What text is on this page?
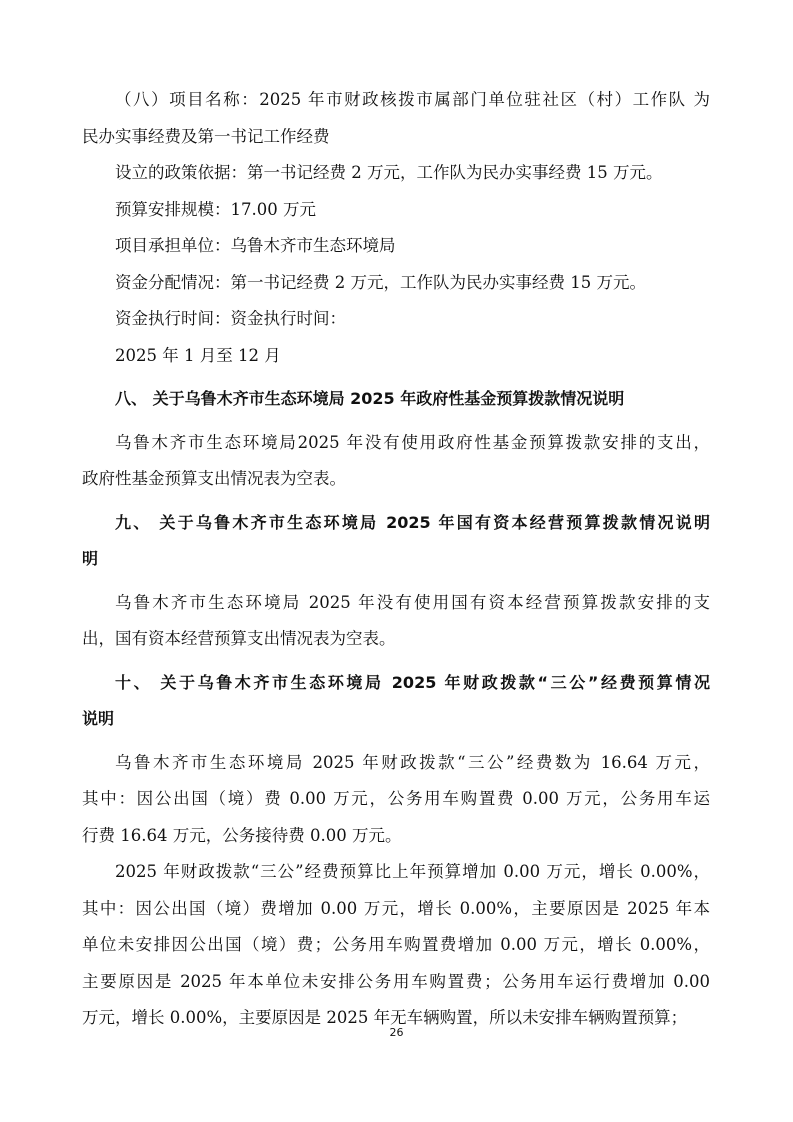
（八）项目名称：2025 年市财政核拨市属部门单位驻社区（村）工作队 为
民办实事经费及第一书记工作经费
设立的政策依据：第一书记经费 2 万元，工作队为民办实事经费 15 万元。
预算安排规模：17.00 万元
项目承担单位：乌鲁木齐市生态环境局
资金分配情况：第一书记经费 2 万元，工作队为民办实事经费 15 万元。
资金执行时间：资金执行时间：
2025 年 1 月至 12 月
八、 关于乌鲁木齐市生态环境局 2025 年政府性基金预算拨款情况说明
乌鲁木齐市生态环境局2025 年没有使用政府性基金预算拨款安排的支出，
政府性基金预算支出情况表为空表。
九、 关于乌鲁木齐市生态环境局 2025 年国有资本经营预算拨款情况说明
明
乌鲁木齐市生态环境局 2025 年没有使用国有资本经营预算拨款安排的支
出，国有资本经营预算支出情况表为空表。
十、 关于乌鲁木齐市生态环境局 2025 年财政拨款“三公”经费预算情况
说明
乌鲁木齐市生态环境局 2025 年财政拨款“三公”经费数为 16.64 万元，
其中：因公出国（境）费 0.00 万元，公务用车购置费 0.00 万元，公务用车运
行费 16.64 万元，公务接待费 0.00 万元。
2025 年财政拨款“三公”经费预算比上年预算增加 0.00 万元，增长 0.00%，
其中：因公出国（境）费增加 0.00 万元，增长 0.00%，主要原因是 2025 年本
单位未安排因公出国（境）费；公务用车购置费增加 0.00 万元，增长 0.00%，
主要原因是 2025 年本单位未安排公务用车购置费；公务用车运行费增加 0.00
万元，增长 0.00%，主要原因是 2025 年无车辆购置，所以未安排车辆购置预算；
26
